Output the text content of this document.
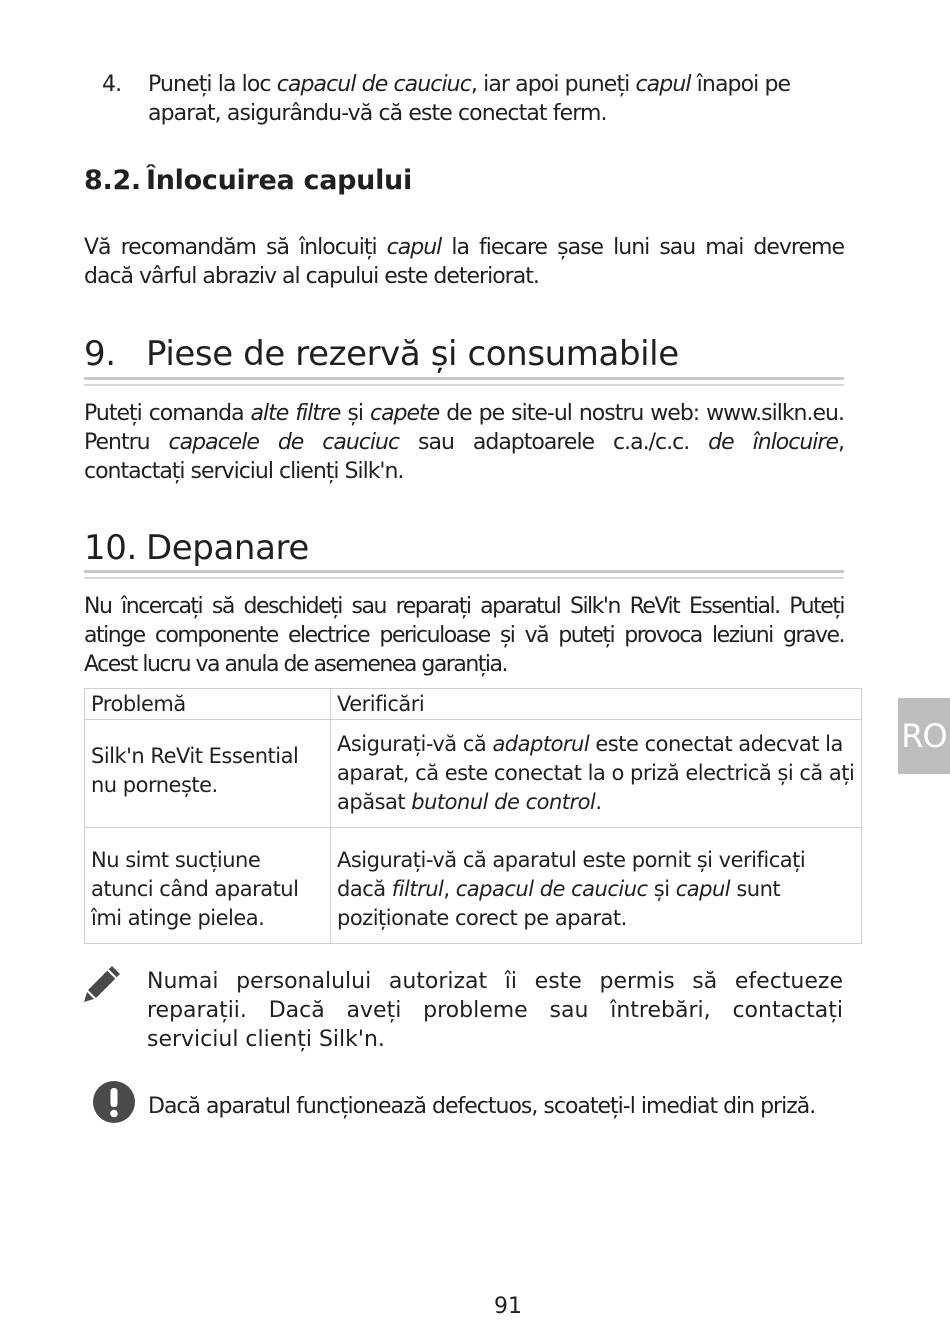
4. Puneți la loc capacul de cauciuc, iar apoi puneți capul înapoi pe aparat, asigurându-vă că este conectat ferm.
8.2. Înlocuirea capului
Vă recomandăm să înlocuiți capul la fiecare șase luni sau mai devreme dacă vârful abraziv al capului este deteriorat.
9. Piese de rezervă și consumabile
Puteți comanda alte filtre și capete de pe site-ul nostru web: www.silkn.eu. Pentru capacele de cauciuc sau adaptoarele c.a./c.c. de înlocuire, contactați serviciul clienți Silk'n.
10. Depanare
Nu încercați să deschideți sau reparați aparatul Silk'n ReVit Essential. Puteți atinge componente electrice periculoase și vă puteți provoca leziuni grave. Acest lucru va anula de asemenea garanția.
Problemă	Verificări
Silk'n ReVit Essential nu pornește.	Asigurați-vă că adaptorul este conectat adecvat la aparat, că este conectat la o priză electrică și că ați apăsat butonul de control.
Nu simt sucțiune atunci când aparatul îmi atinge pielea.	Asigurați-vă că aparatul este pornit și verificați dacă filtrul, capacul de cauciuc și capul sunt poziționate corect pe aparat.
RO
Numai personalului autorizat îi este permis să efectueze reparații. Dacă aveți probleme sau întrebări, contactați serviciul clienți Silk'n.
Dacă aparatul funcționează defectuos, scoateți-l imediat din priză.
91
